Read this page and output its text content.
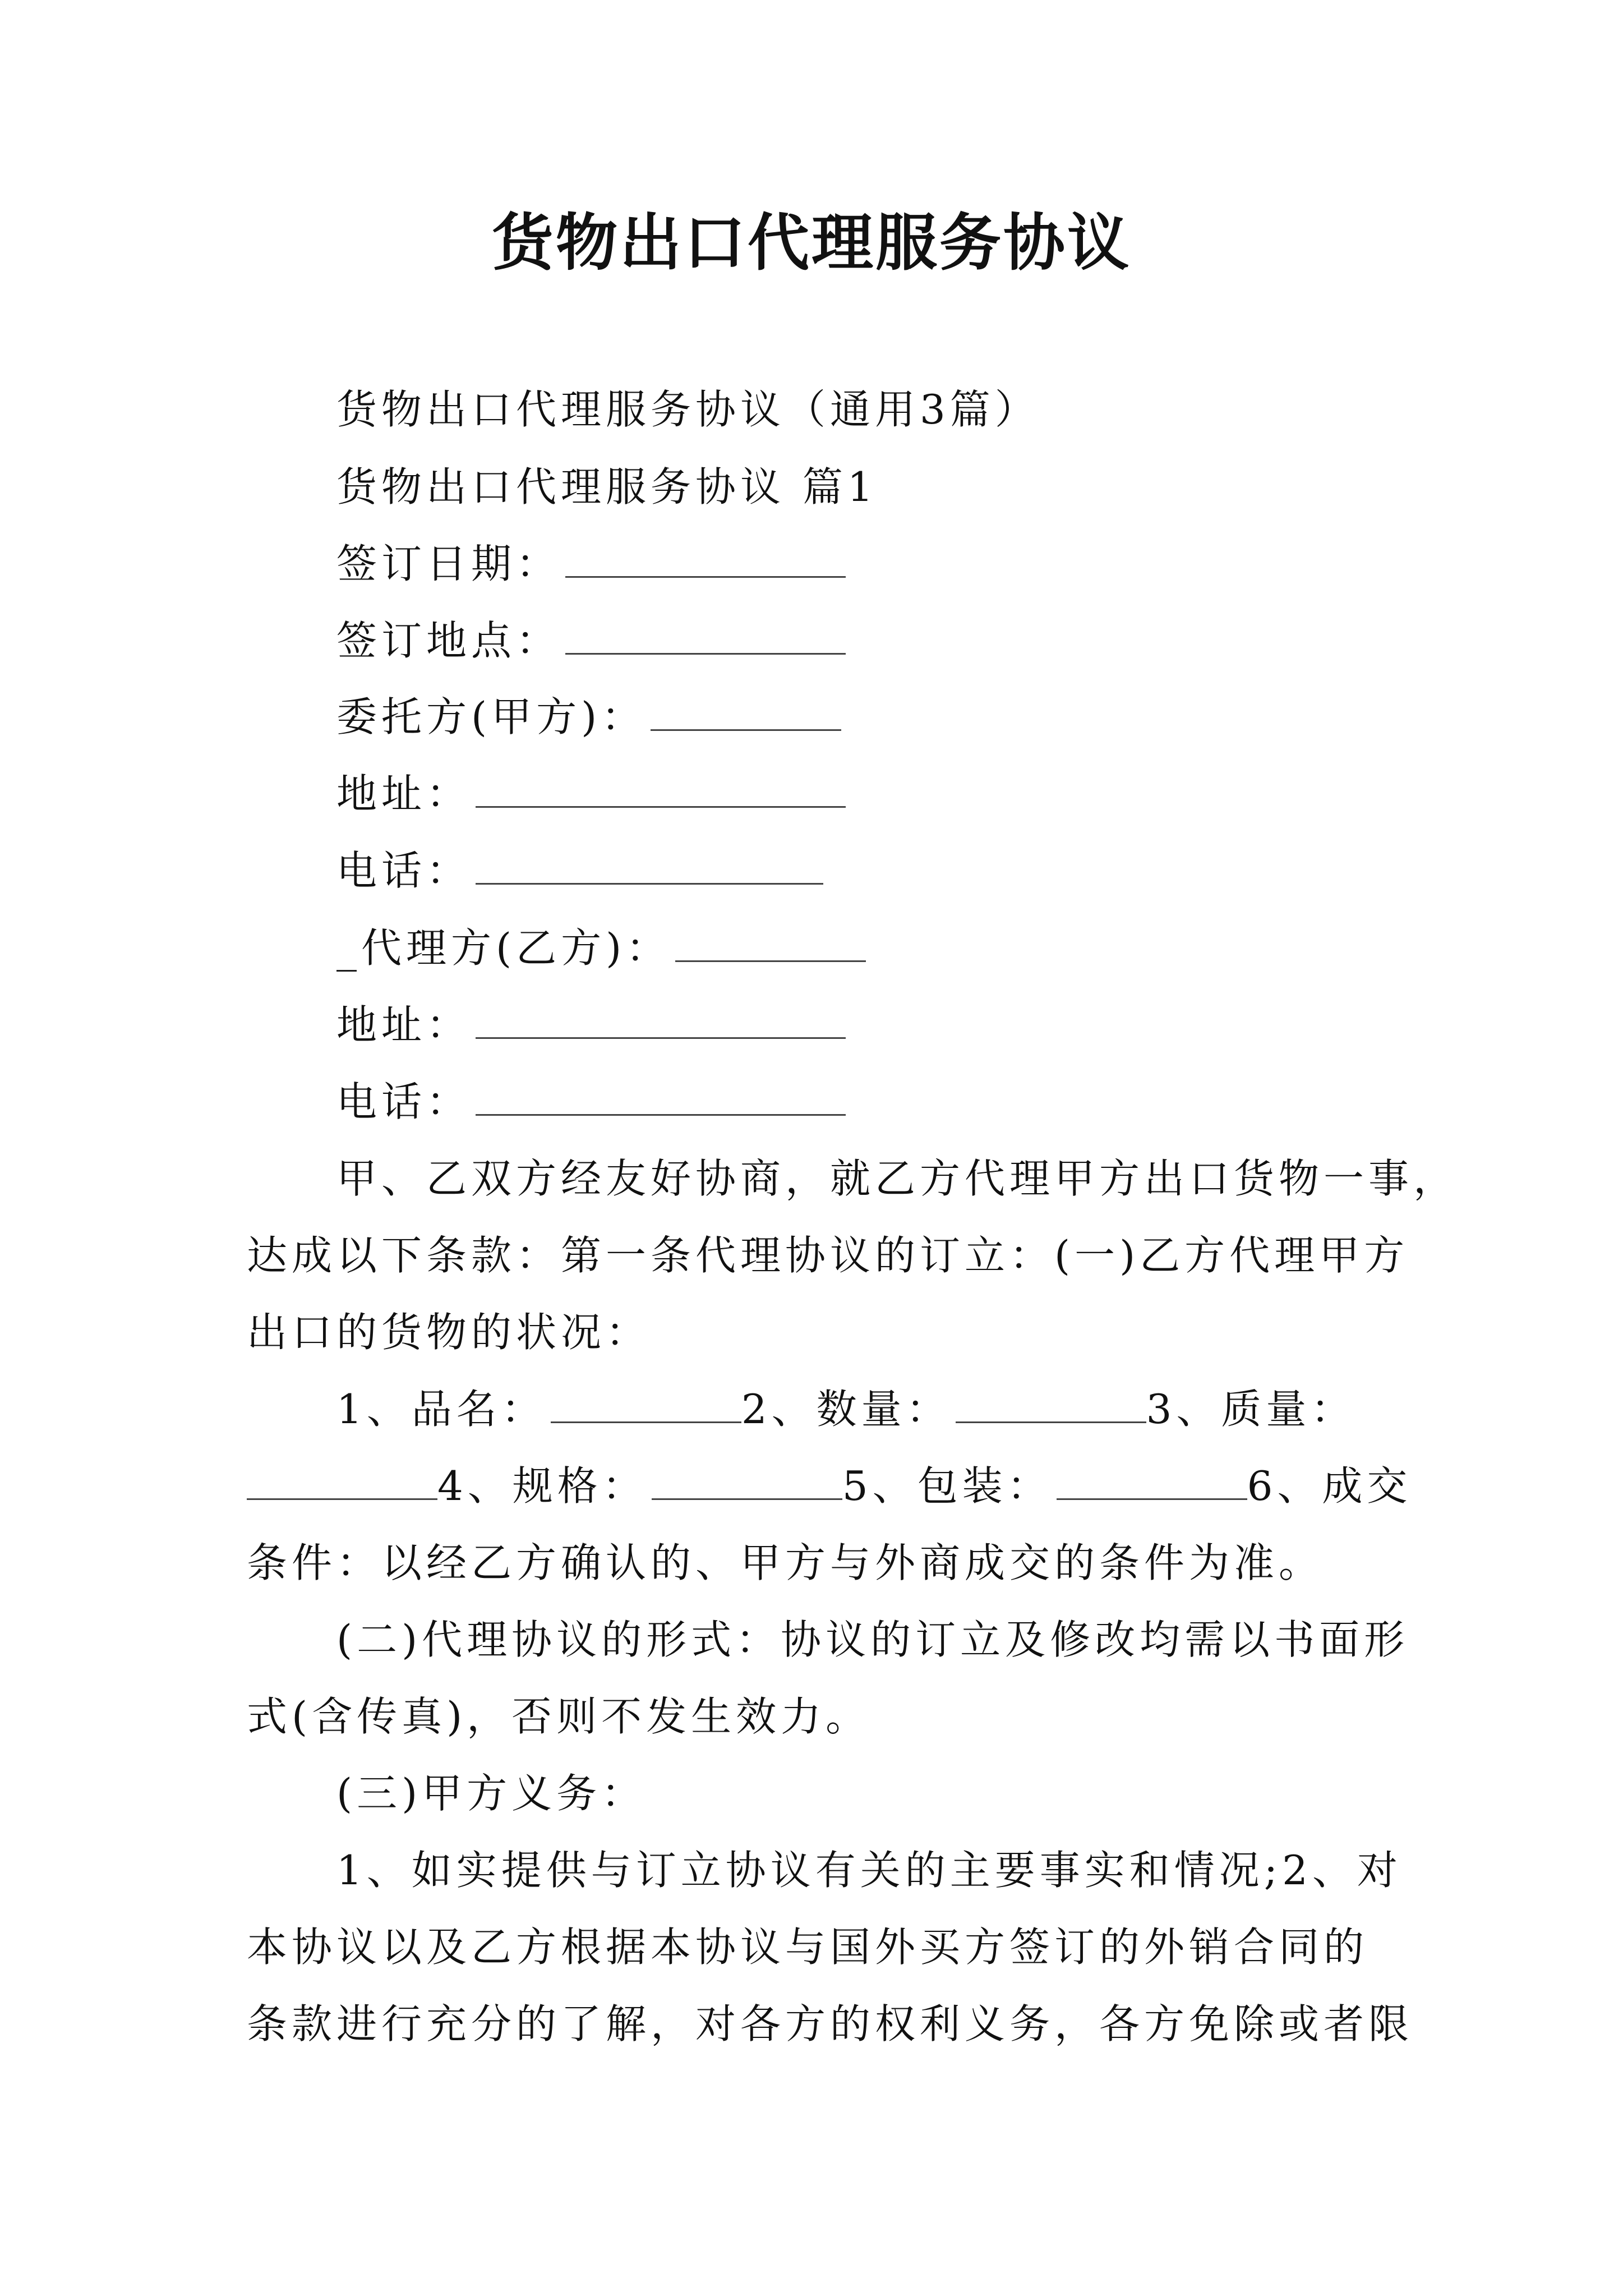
货物出口代理服务协议
货物出口代理服务协议（通用3篇）
货物出口代理服务协议 篇1
签订日期：
签订地点：
委托方(甲方)：
地址：
电话：
_代理方(乙方)：
地址：
电话：
甲、乙双方经友好协商，就乙方代理甲方出口货物一事，
达成以下条款：第一条代理协议的订立：(一)乙方代理甲方
出口的货物的状况：
1、品名：	2、数量：	3、质量：
4、规格：	5、包装：	6、成交
条件：以经乙方确认的、甲方与外商成交的条件为准。
(二)代理协议的形式：协议的订立及修改均需以书面形
式(含传真)，否则不发生效力。
(三)甲方义务：
1、如实提供与订立协议有关的主要事实和情况;2、对
本协议以及乙方根据本协议与国外买方签订的外销合同的
条款进行充分的了解，对各方的权利义务，各方免除或者限
